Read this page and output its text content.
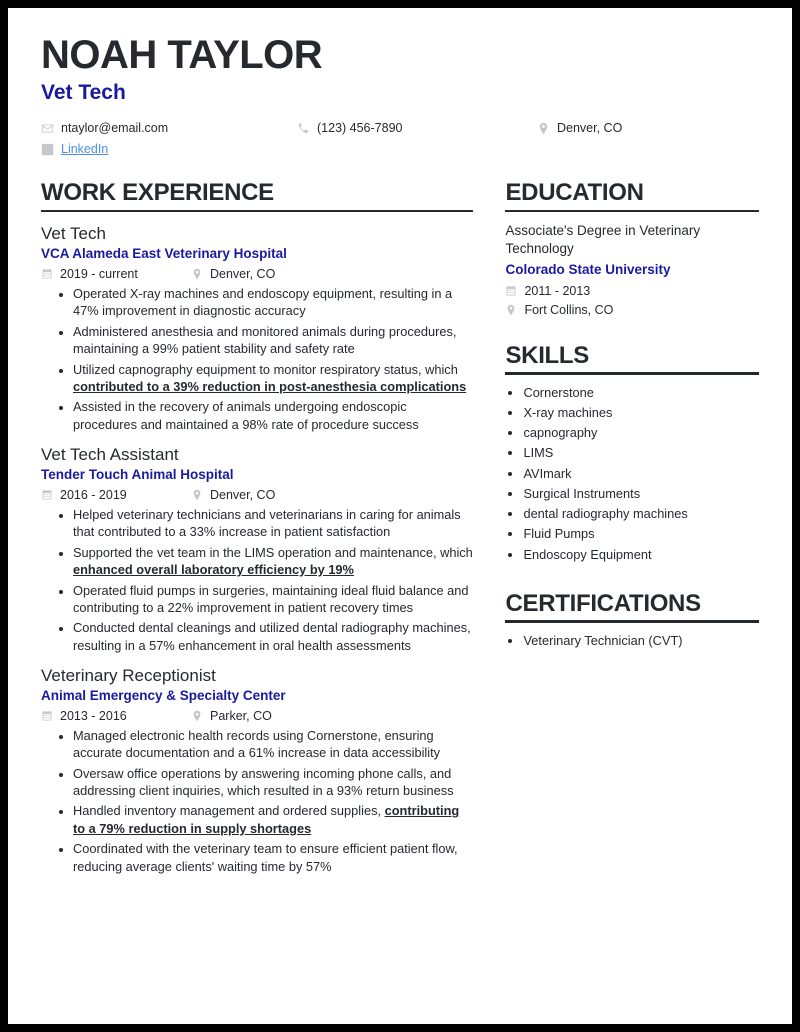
NOAH TAYLOR
Vet Tech
ntaylor@email.com	(123) 456-7890	Denver, CO
LinkedIn
WORK EXPERIENCE
Vet Tech
VCA Alameda East Veterinary Hospital
2019 - current	Denver, CO
• Operated X-ray machines and endoscopy equipment, resulting in a 47% improvement in diagnostic accuracy
• Administered anesthesia and monitored animals during procedures, maintaining a 99% patient stability and safety rate
• Utilized capnography equipment to monitor respiratory status, which contributed to a 39% reduction in post-anesthesia complications
• Assisted in the recovery of animals undergoing endoscopic procedures and maintained a 98% rate of procedure success
Vet Tech Assistant
Tender Touch Animal Hospital
2016 - 2019	Denver, CO
• Helped veterinary technicians and veterinarians in caring for animals that contributed to a 33% increase in patient satisfaction
• Supported the vet team in the LIMS operation and maintenance, which enhanced overall laboratory efficiency by 19%
• Operated fluid pumps in surgeries, maintaining ideal fluid balance and contributing to a 22% improvement in patient recovery times
• Conducted dental cleanings and utilized dental radiography machines, resulting in a 57% enhancement in oral health assessments
Veterinary Receptionist
Animal Emergency & Specialty Center
2013 - 2016	Parker, CO
• Managed electronic health records using Cornerstone, ensuring accurate documentation and a 61% increase in data accessibility
• Oversaw office operations by answering incoming phone calls, and addressing client inquiries, which resulted in a 93% return business
• Handled inventory management and ordered supplies, contributing to a 79% reduction in supply shortages
• Coordinated with the veterinary team to ensure efficient patient flow, reducing average clients' waiting time by 57%
EDUCATION
Associate's Degree in Veterinary Technology
Colorado State University
2011 - 2013
Fort Collins, CO
SKILLS
• Cornerstone
• X-ray machines
• capnography
• LIMS
• AVImark
• Surgical Instruments
• dental radiography machines
• Fluid Pumps
• Endoscopy Equipment
CERTIFICATIONS
• Veterinary Technician (CVT)
